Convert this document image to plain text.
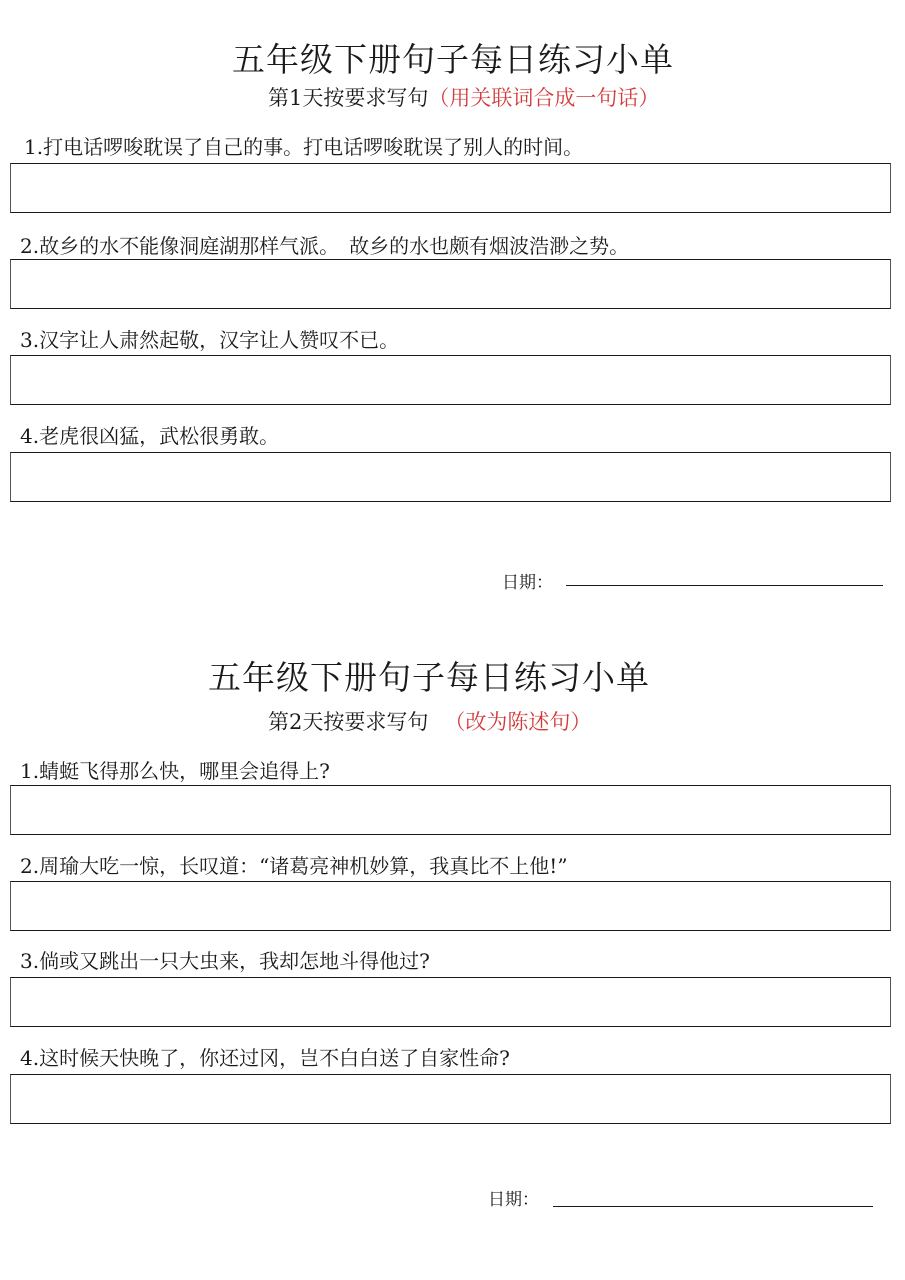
五年级下册句子每日练习小单
第1天按要求写句（用关联词合成一句话）
1.打电话啰唆耽误了自己的事。打电话啰唆耽误了别人的时间。
2.故乡的水不能像洞庭湖那样气派。　故乡的水也颇有烟波浩渺之势。
3.汉字让人肃然起敬，汉字让人赞叹不已。
4.老虎很凶猛，武松很勇敢。
日期：
五年级下册句子每日练习小单
第2天按要求写句 （改为陈述句）
1.蜻蜓飞得那么快，哪里会追得上?
2.周瑜大吃一惊，长叹道：“诸葛亮神机妙算，我真比不上他!”
3.倘或又跳出一只大虫来，我却怎地斗得他过?
4.这时候天快晚了，你还过冈，岂不白白送了自家性命?
日期：
